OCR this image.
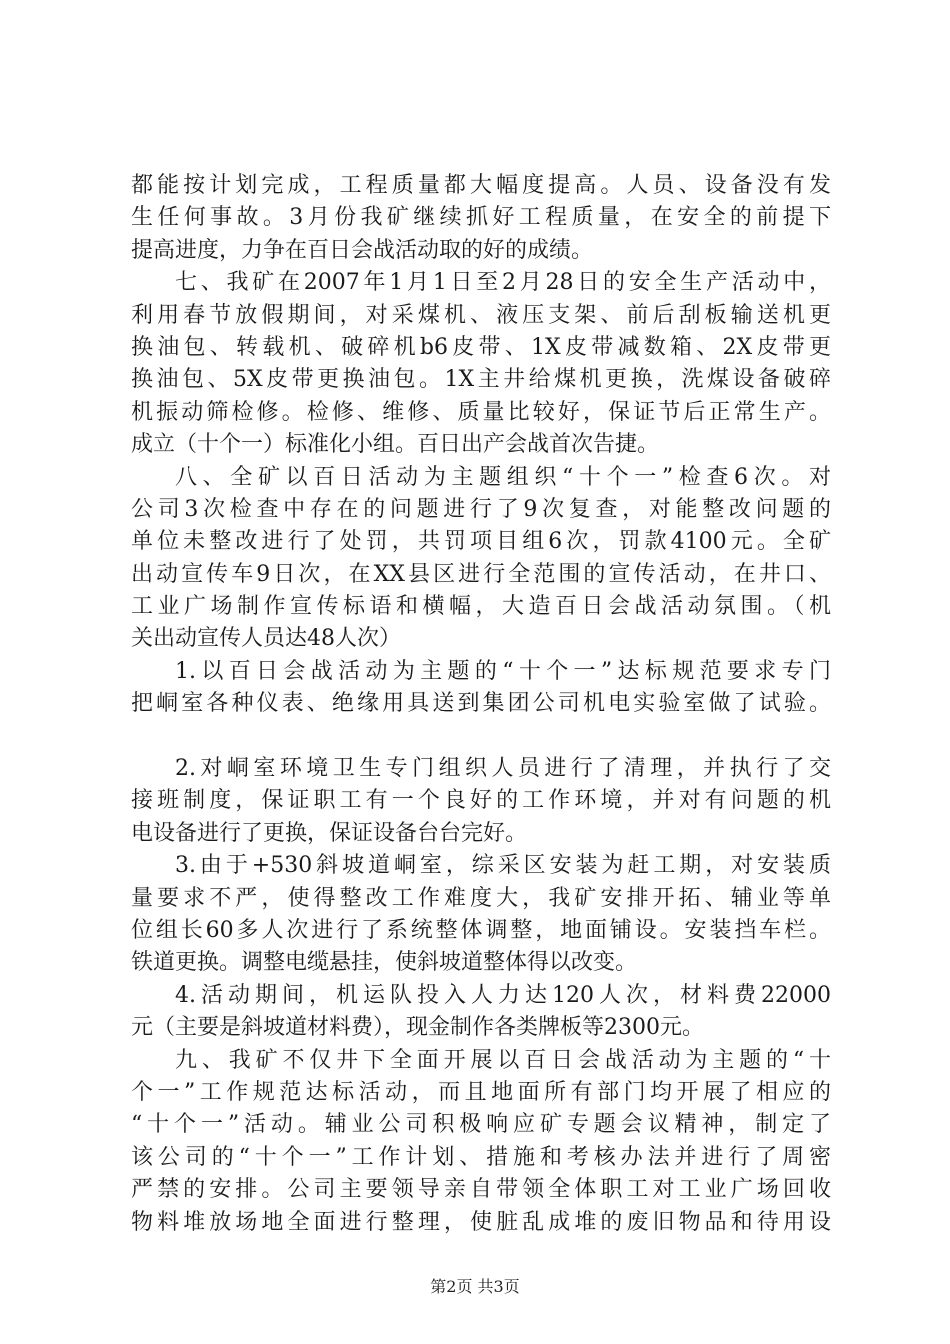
都能按计划完成，工程质量都大幅度提高。人员、设备没有发
生任何事故。3月份我矿继续抓好工程质量，在安全的前提下
提高进度，力争在百日会战活动取的好的成绩。
七、我矿在2007年1月1日至2月28日的安全生产活动中，
利用春节放假期间，对采煤机、液压支架、前后刮板输送机更
换油包、转载机、破碎机b6皮带、1X皮带减数箱、2X皮带更
换油包、5X皮带更换油包。1X主井给煤机更换，洗煤设备破碎
机振动筛检修。检修、维修、质量比较好，保证节后正常生产。
成立（十个一）标准化小组。百日出产会战首次告捷。
八、全矿以百日活动为主题组织“十个一”检查6次。对
公司3次检查中存在的问题进行了9次复查，对能整改问题的
单位未整改进行了处罚，共罚项目组6次，罚款4100元。全矿
出动宣传车9日次，在XX县区进行全范围的宣传活动，在井口、
工业广场制作宣传标语和横幅，大造百日会战活动氛围。（机
关出动宣传人员达48人次）
1.以百日会战活动为主题的“十个一”达标规范要求专门
把峒室各种仪表、绝缘用具送到集团公司机电实验室做了试验。
2.对峒室环境卫生专门组织人员进行了清理，并执行了交
接班制度，保证职工有一个良好的工作环境，并对有问题的机
电设备进行了更换，保证设备台台完好。
3.由于+530斜坡道峒室，综采区安装为赶工期，对安装质
量要求不严，使得整改工作难度大，我矿安排开拓、辅业等单
位组长60多人次进行了系统整体调整，地面铺设。安装挡车栏。
铁道更换。调整电缆悬挂，使斜坡道整体得以改变。
4.活动期间，机运队投入人力达120人次，材料费22000
元（主要是斜坡道材料费），现金制作各类牌板等2300元。
九、我矿不仅井下全面开展以百日会战活动为主题的“十
个一”工作规范达标活动，而且地面所有部门均开展了相应的
“十个一”活动。辅业公司积极响应矿专题会议精神，制定了
该公司的“十个一”工作计划、措施和考核办法并进行了周密
严禁的安排。公司主要领导亲自带领全体职工对工业广场回收
物料堆放场地全面进行整理，使脏乱成堆的废旧物品和待用设
第2页 共3页
